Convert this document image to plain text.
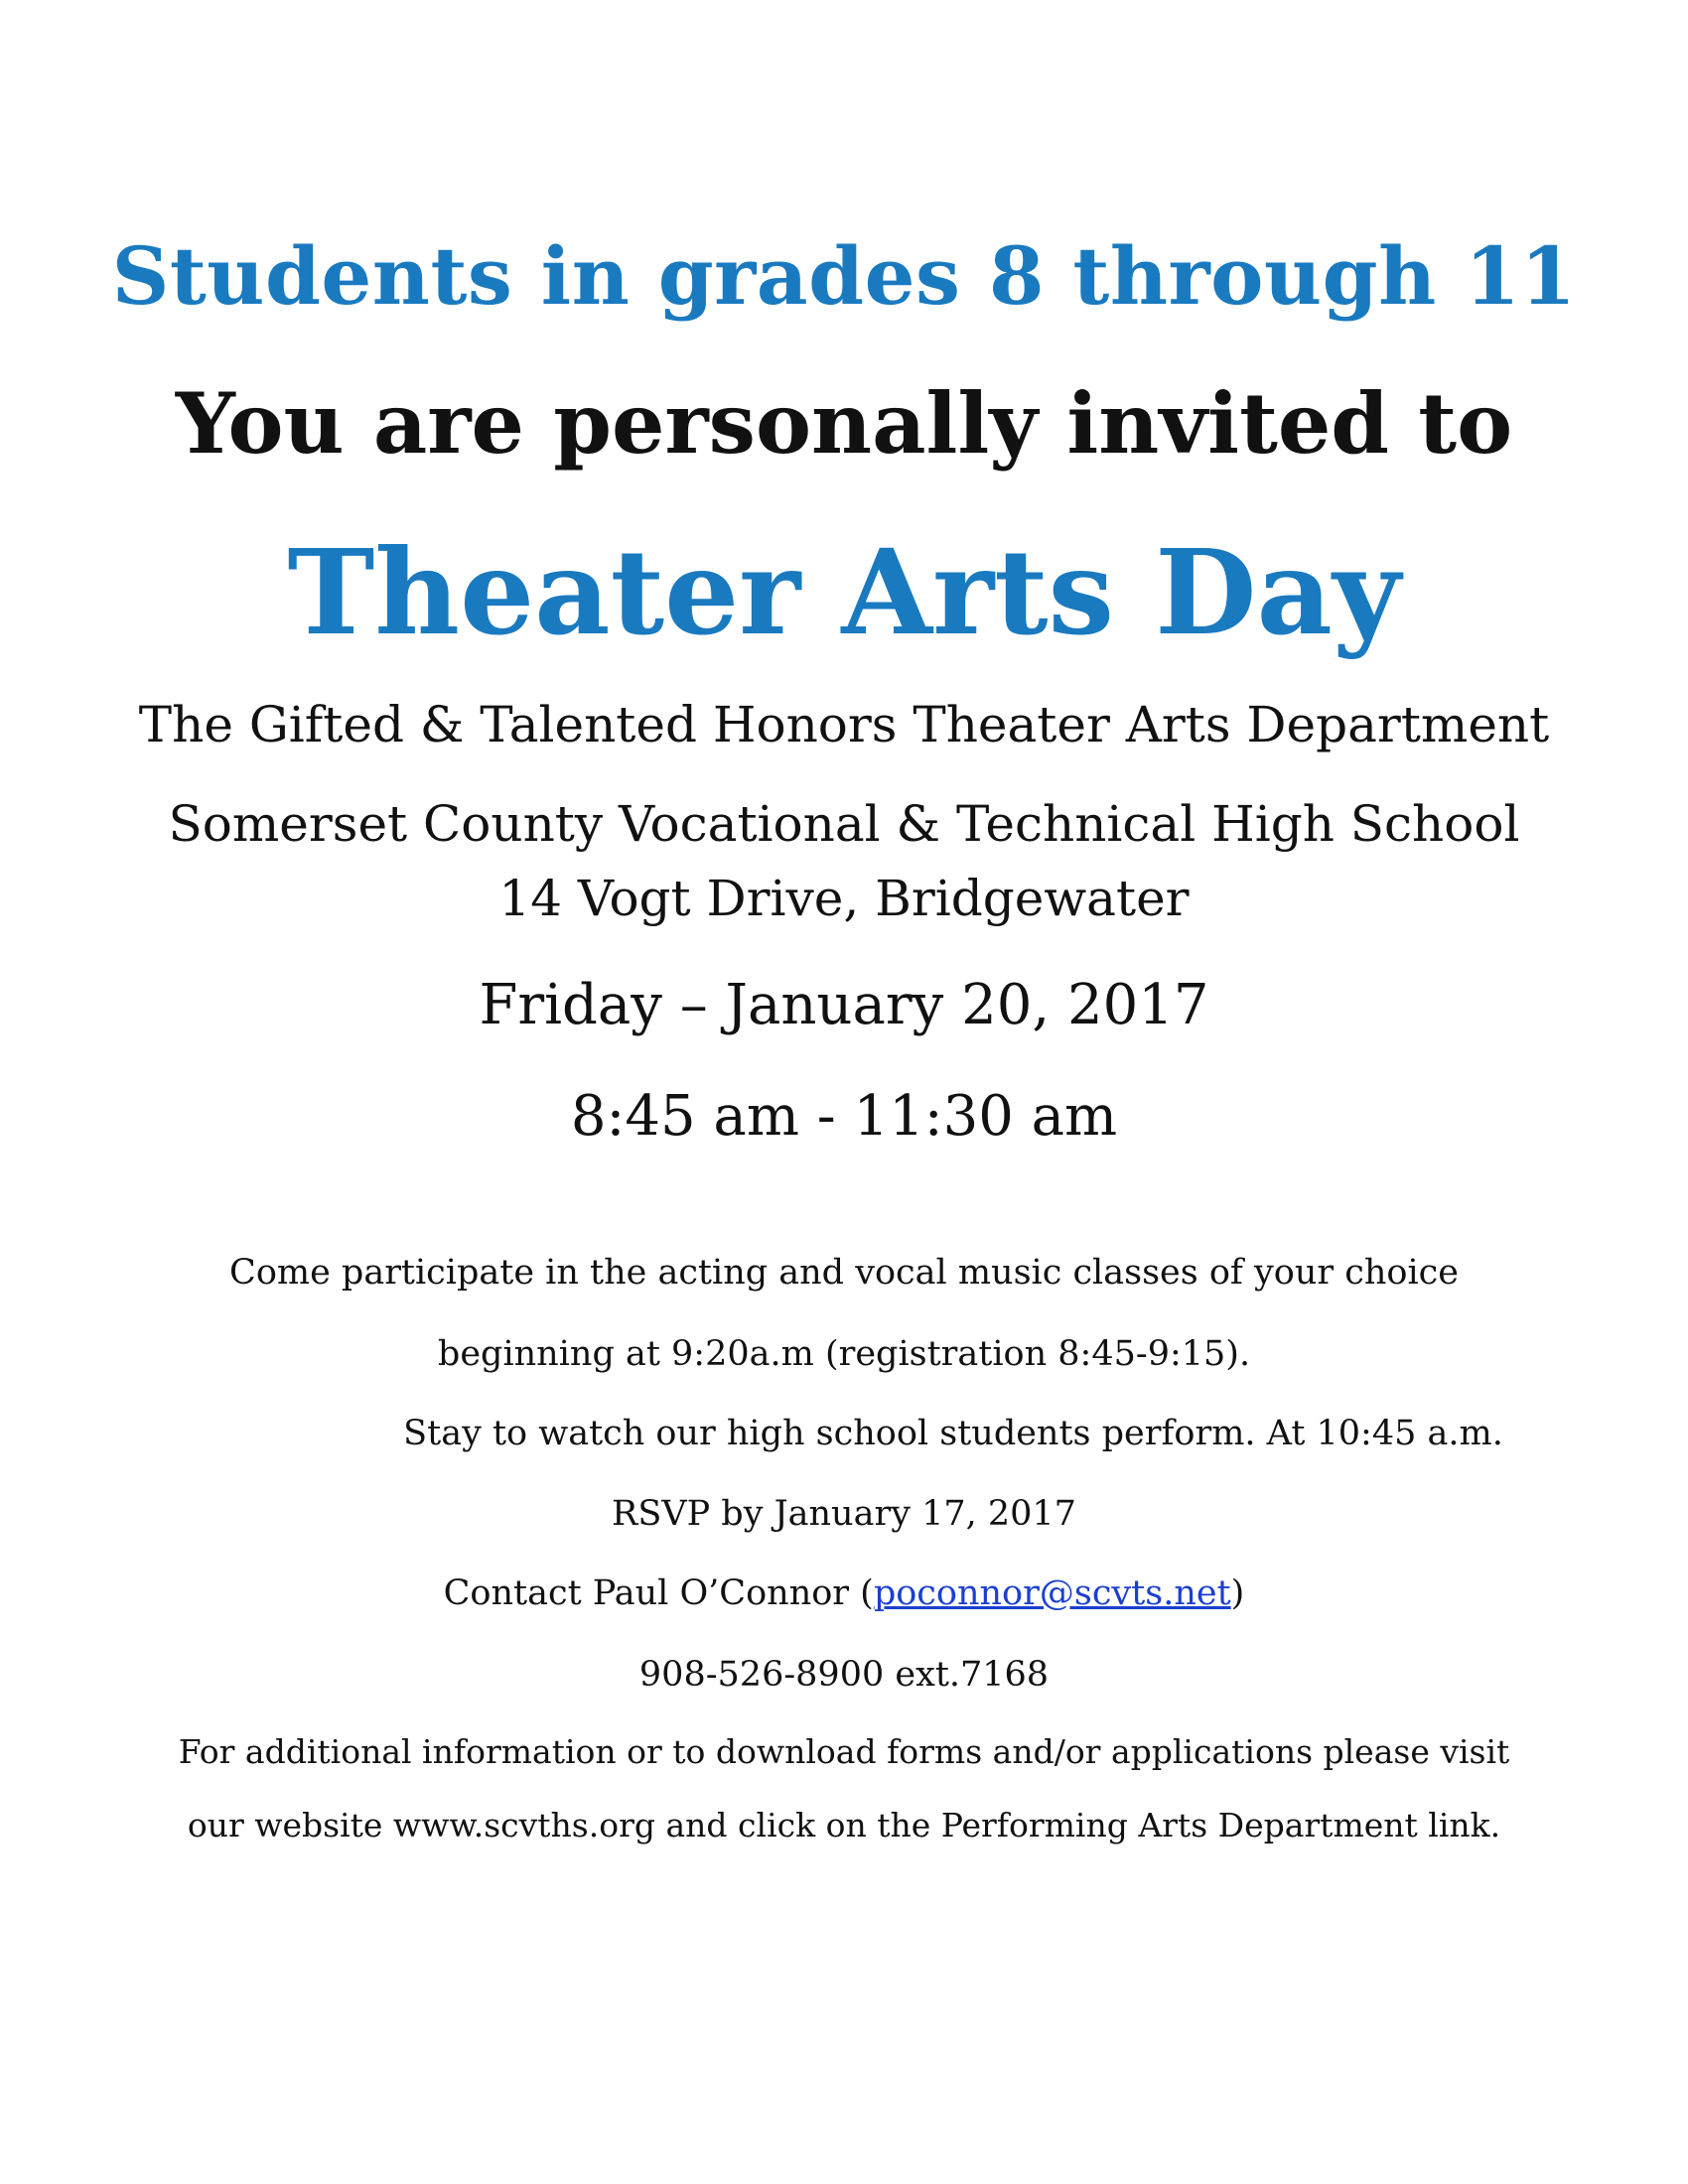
Students in grades 8 through 11
You are personally invited to
Theater Arts Day
The Gifted & Talented Honors Theater Arts Department
Somerset County Vocational & Technical High School
14 Vogt Drive, Bridgewater
Friday – January 20, 2017
8:45 am - 11:30 am
Come participate in the acting and vocal music classes of your choice
beginning at 9:20a.m (registration 8:45-9:15).
Stay to watch our high school students perform. At 10:45 a.m.
RSVP by January 17, 2017
Contact Paul O’Connor (poconnor@scvts.net)
908-526-8900 ext.7168
For additional information or to download forms and/or applications please visit
our website www.scvths.org and click on the Performing Arts Department link.
